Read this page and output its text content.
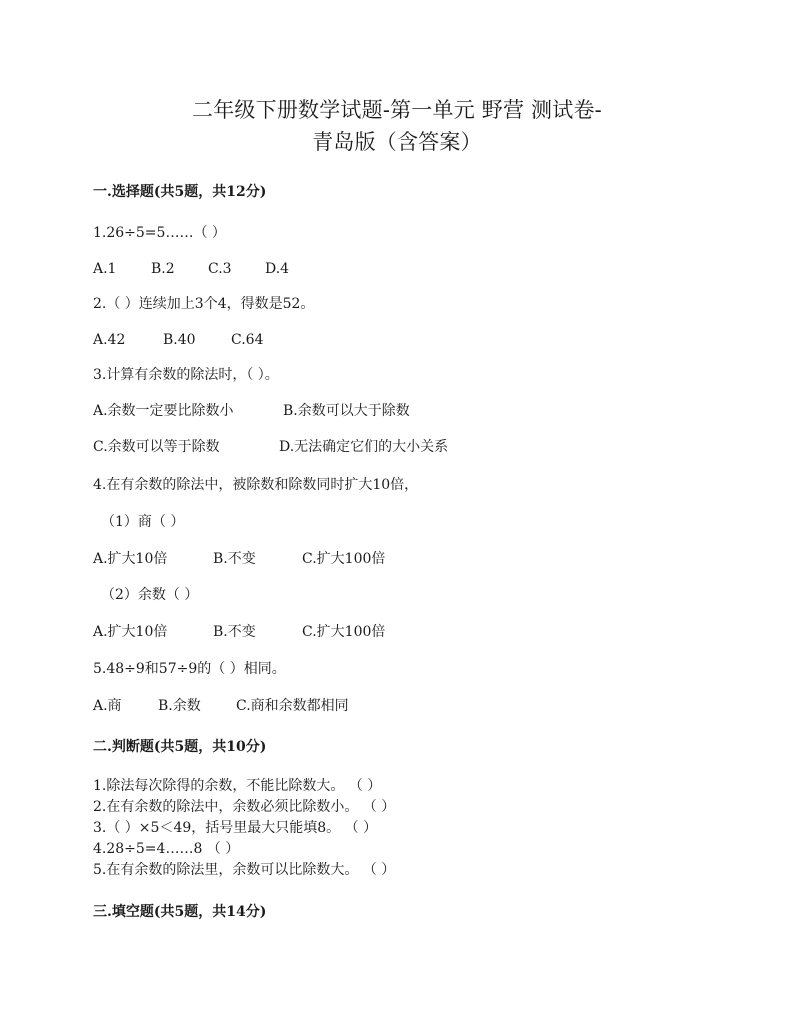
二年级下册数学试题-第一单元 野营 测试卷-
青岛版（含答案）
一.选择题(共5题，共12分)
1.26÷5=5……（ ）
A.1 B.2 C.3 D.4
2.（ ）连续加上3个4，得数是52。
A.42	B.40	C.64
3.计算有余数的除法时，（ ）。
A.余数一定要比除数小	B.余数可以大于除数
C.余数可以等于除数	D.无法确定它们的大小关系
4.在有余数的除法中，被除数和除数同时扩大10倍，
（1）商（ ）
A.扩大10倍	B.不变	C.扩大100倍
（2）余数（ ）
A.扩大10倍	B.不变	C.扩大100倍
5.48÷9和57÷9的（ ）相同。
A.商	B.余数	C.商和余数都相同
二.判断题(共5题，共10分)
1.除法每次除得的余数，不能比除数大。 （ ）
2.在有余数的除法中，余数必须比除数小。 （ ）
3.（ ）×5＜49，括号里最大只能填8。 （ ）
4.28÷5=4……8 （ ）
5.在有余数的除法里，余数可以比除数大。 （ ）
三.填空题(共5题，共14分)
